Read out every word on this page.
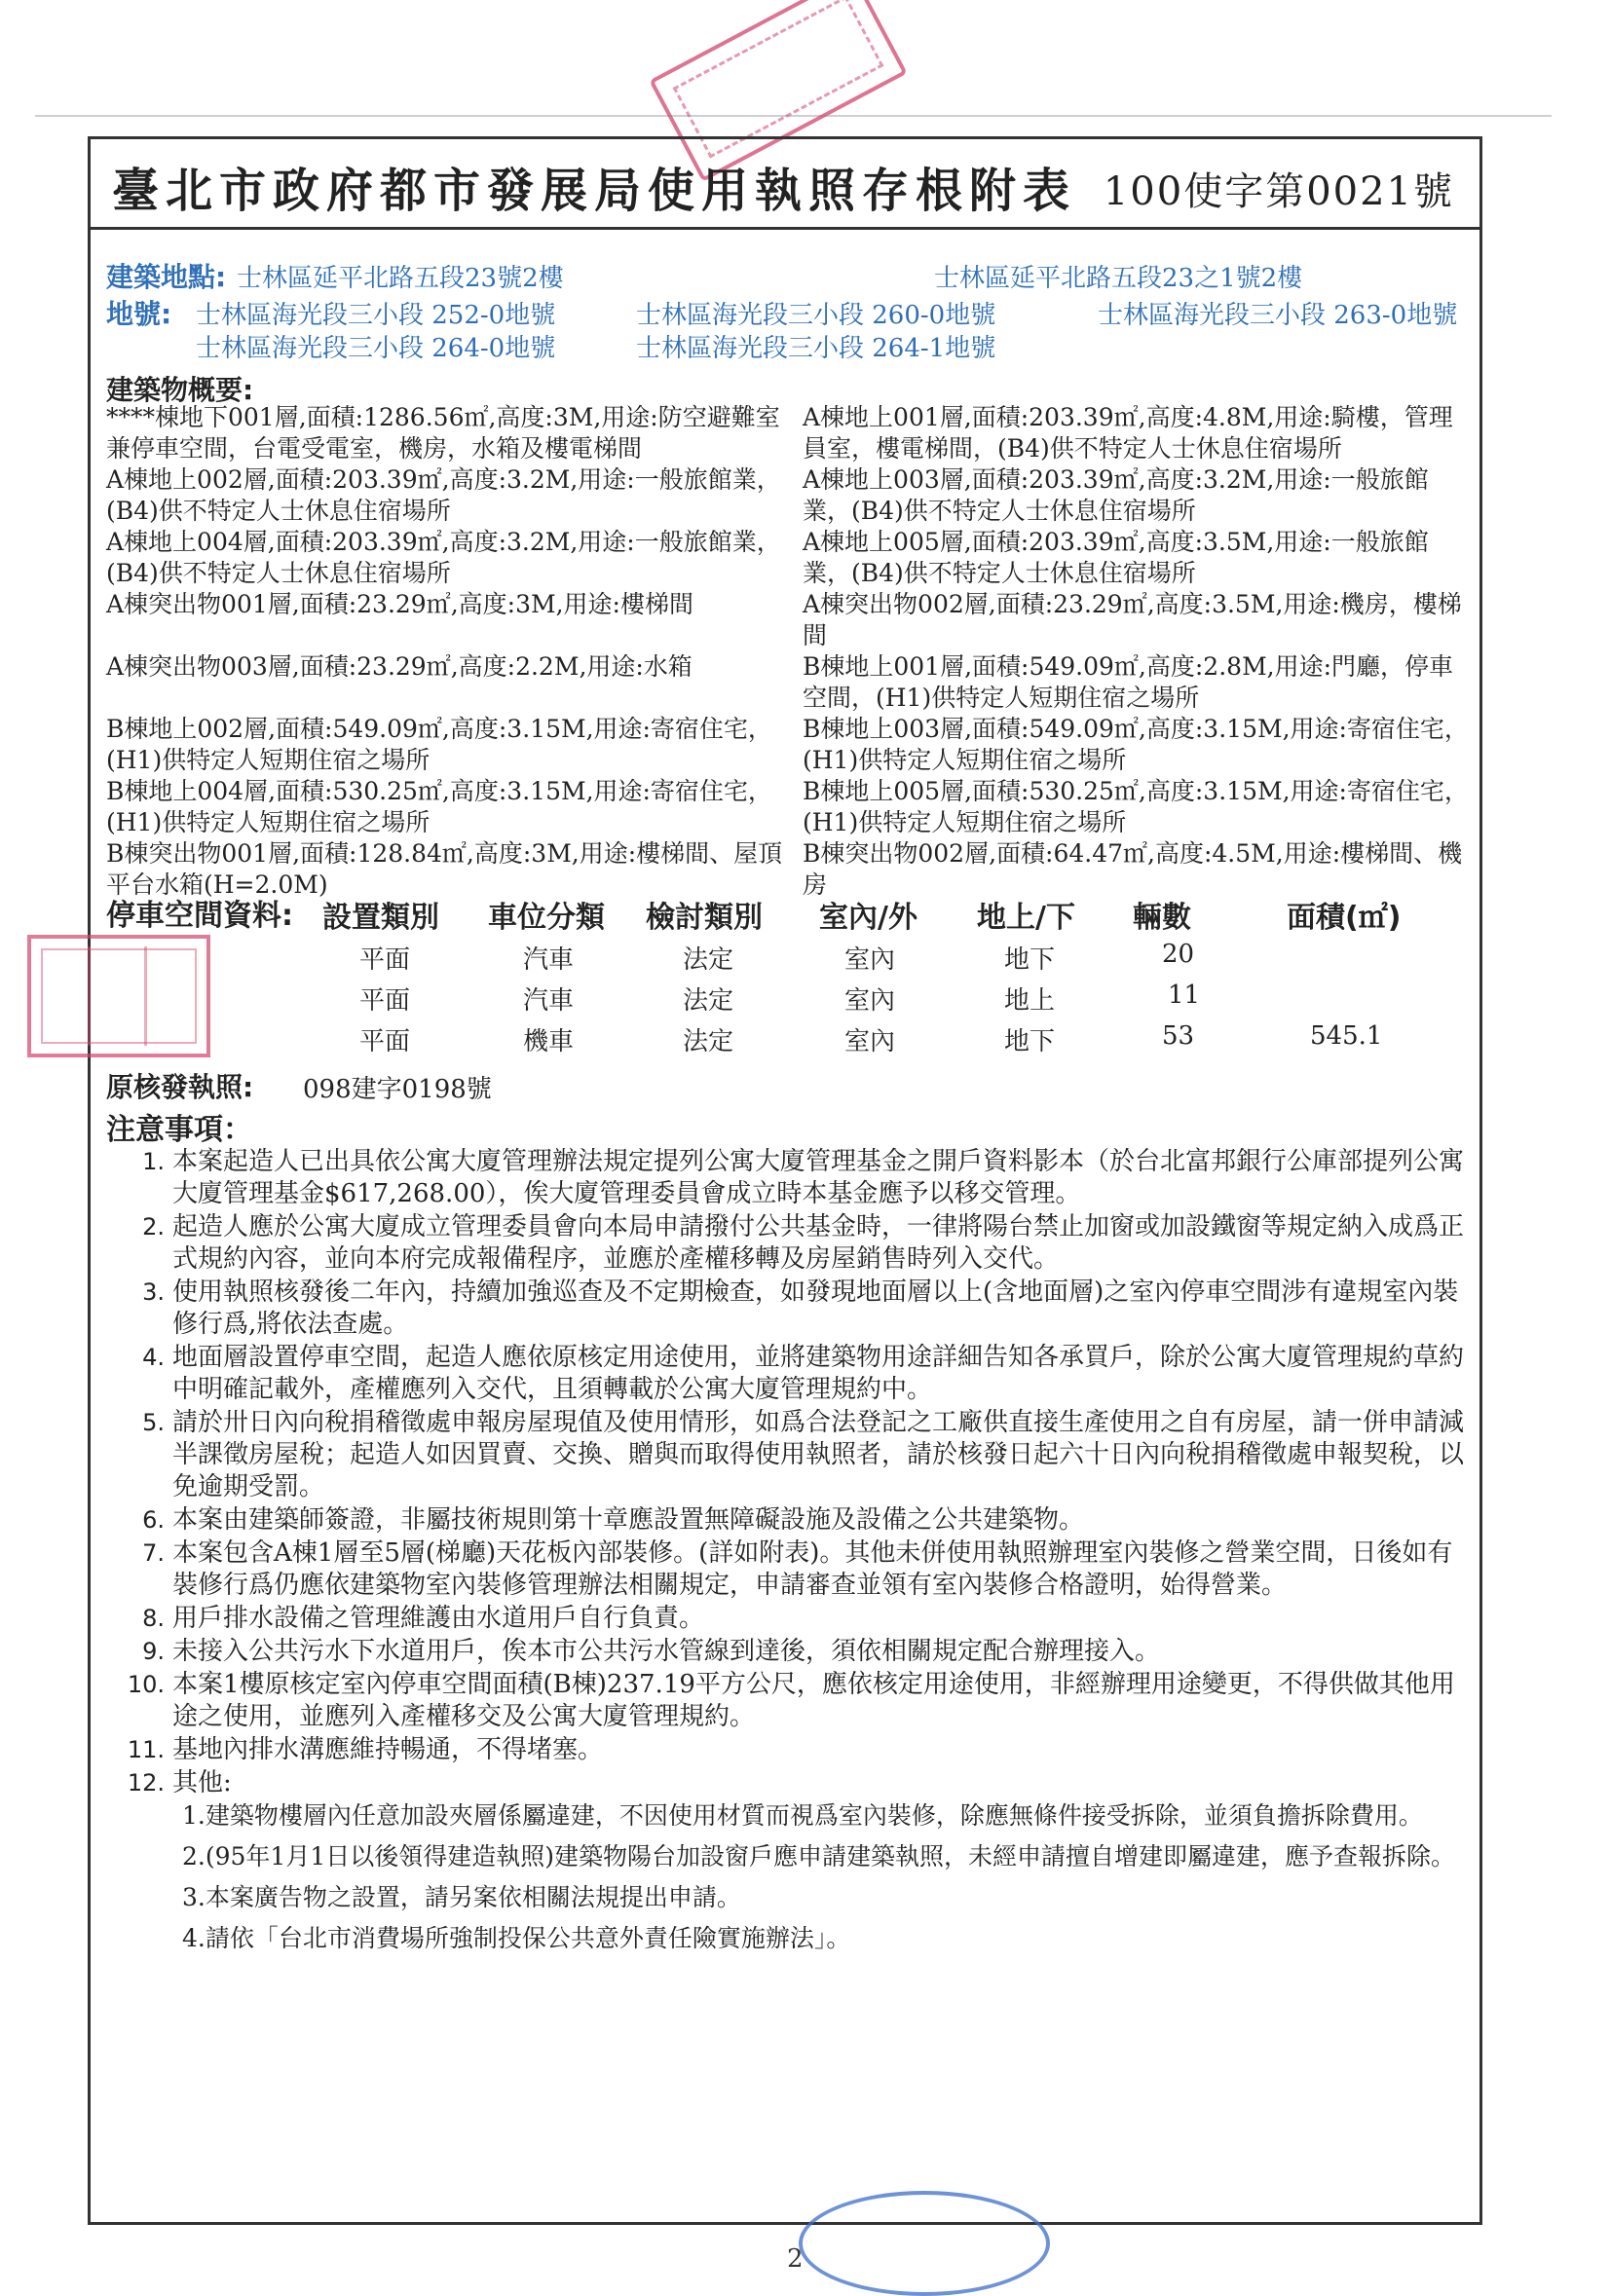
臺北市政府都市發展局使用執照存根附表 100使字第0021號
建築地點: 士林區延平北路五段23號2樓	士林區延平北路五段23之1號2樓
地號: 士林區海光段三小段 252-0地號	士林區海光段三小段 260-0地號	士林區海光段三小段 263-0地號
士林區海光段三小段 264-0地號	士林區海光段三小段 264-1地號
建築物概要:
****棟地下001層,面積:1286.56㎡,高度:3M,用途:防空避難室兼停車空間，台電受電室，機房，水箱及樓電梯間
A棟地上001層,面積:203.39㎡,高度:4.8M,用途:騎樓，管理員室，樓電梯間，(B4)供不特定人士休息住宿場所
A棟地上002層,面積:203.39㎡,高度:3.2M,用途:一般旅館業，(B4)供不特定人士休息住宿場所
A棟地上003層,面積:203.39㎡,高度:3.2M,用途:一般旅館業，(B4)供不特定人士休息住宿場所
A棟地上004層,面積:203.39㎡,高度:3.2M,用途:一般旅館業，(B4)供不特定人士休息住宿場所
A棟地上005層,面積:203.39㎡,高度:3.5M,用途:一般旅館業，(B4)供不特定人士休息住宿場所
A棟突出物001層,面積:23.29㎡,高度:3M,用途:樓梯間	A棟突出物002層,面積:23.29㎡,高度:3.5M,用途:機房，樓梯間
A棟突出物003層,面積:23.29㎡,高度:2.2M,用途:水箱	B棟地上001層,面積:549.09㎡,高度:2.8M,用途:門廳，停車空間，(H1)供特定人短期住宿之場所
B棟地上002層,面積:549.09㎡,高度:3.15M,用途:寄宿住宅，(H1)供特定人短期住宿之場所
B棟地上003層,面積:549.09㎡,高度:3.15M,用途:寄宿住宅，(H1)供特定人短期住宿之場所
B棟地上004層,面積:530.25㎡,高度:3.15M,用途:寄宿住宅，(H1)供特定人短期住宿之場所
B棟地上005層,面積:530.25㎡,高度:3.15M,用途:寄宿住宅，(H1)供特定人短期住宿之場所
B棟突出物001層,面積:128.84㎡,高度:3M,用途:樓梯間、屋頂平台水箱(H=2.0M)
B棟突出物002層,面積:64.47㎡,高度:4.5M,用途:樓梯間、機房
停車空間資料: 設置類別 車位分類 檢討類別 室內/外 地上/下 輛數	面積(㎡)
平面	汽車	法定	室內	地下	20
平面	汽車	法定	室內	地上	11
平面	機車	法定	室內	地下	53	545.1
原核發執照: 098建字0198號
注意事項：
1. 本案起造人已出具依公寓大廈管理辦法規定提列公寓大廈管理基金之開戶資料影本（於台北富邦銀行公庫部提列公寓大廈管理基金$617,268.00），俟大廈管理委員會成立時本基金應予以移交管理。
2. 起造人應於公寓大廈成立管理委員會向本局申請撥付公共基金時，一律將陽台禁止加窗或加設鐵窗等規定納入成爲正式規約內容，並向本府完成報備程序，並應於產權移轉及房屋銷售時列入交代。
3. 使用執照核發後二年內，持續加強巡查及不定期檢查，如發現地面層以上(含地面層)之室內停車空間涉有違規室內裝修行爲,將依法查處。
4. 地面層設置停車空間，起造人應依原核定用途使用，並將建築物用途詳細告知各承買戶，除於公寓大廈管理規約草約中明確記載外，產權應列入交代，且須轉載於公寓大廈管理規約中。
5. 請於卅日內向稅捐稽徵處申報房屋現值及使用情形，如爲合法登記之工廠供直接生產使用之自有房屋，請一併申請減半課徵房屋稅；起造人如因買賣、交換、贈與而取得使用執照者，請於核發日起六十日內向稅捐稽徵處申報契稅，以免逾期受罰。
6. 本案由建築師簽證，非屬技術規則第十章應設置無障礙設施及設備之公共建築物。
7. 本案包含A棟1層至5層(梯廳)天花板內部裝修。(詳如附表)。其他未併使用執照辦理室內裝修之營業空間，日後如有裝修行爲仍應依建築物室內裝修管理辦法相關規定，申請審查並領有室內裝修合格證明，始得營業。
8. 用戶排水設備之管理維護由水道用戶自行負責。
9. 未接入公共污水下水道用戶，俟本市公共污水管線到達後，須依相關規定配合辦理接入。
10. 本案1樓原核定室內停車空間面積(B棟)237.19平方公尺，應依核定用途使用，非經辦理用途變更，不得供做其他用途之使用，並應列入產權移交及公寓大廈管理規約。
11. 基地內排水溝應維持暢通，不得堵塞。
12. 其他:
1.建築物樓層內任意加設夾層係屬違建，不因使用材質而視爲室內裝修，除應無條件接受拆除，並須負擔拆除費用。
2.(95年1月1日以後領得建造執照)建築物陽台加設窗戶應申請建築執照，未經申請擅自增建即屬違建，應予查報拆除。
3.本案廣告物之設置，請另案依相關法規提出申請。
4.請依「台北市消費場所強制投保公共意外責任險實施辦法」。
2
